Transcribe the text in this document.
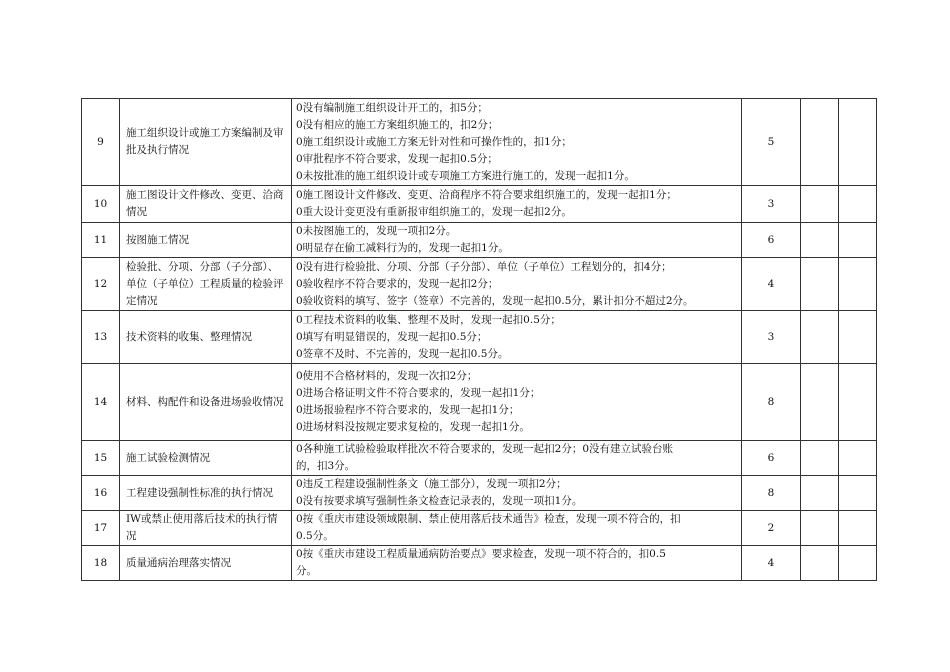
9	施工组织设计或施工方案编制及审批及执行情况	0没有编制施工组织设计开工的，扣5分；
0没有相应的施工方案组织施工的，扣2分；
0施工组织设计或施工方案无针对性和可操作性的，扣1分；
0审批程序不符合要求，发现一起扣0.5分；
0未按批准的施工组织设计或专项施工方案进行施工的，发现一起扣1分。	5		
10	施工图设计文件修改、变更、洽商情况	0施工图设计文件修改、变更、洽商程序不符合要求组织施工的，发现一起扣1分；
0重大设计变更没有重新报审组织施工的，发现一起扣2分。	3		
11	按图施工情况	0未按图施工的，发现一项扣2分。
0明显存在偷工减料行为的，发现一起扣1分。	6		
12	检验批、分项、分部（子分部）、单位（子单位）工程质量的检验评定情况	0没有进行检验批、分项、分部（子分部）、单位（子单位）工程划分的，扣4分；
0验收程序不符合要求的，发现一起扣2分；
0验收资料的填写、签字（签章）不完善的，发现一起扣0.5分，累计扣分不超过2分。	4		
13	技术资料的收集、整理情况	0工程技术资料的收集、整理不及时，发现一起扣0.5分；
0填写有明显错误的，发现一起扣0.5分；
0签章不及时、不完善的，发现一起扣0.5分。	3		
14	材料、构配件和设备进场验收情况	0使用不合格材料的，发现一次扣2分；
0进场合格证明文件不符合要求的，发现一起扣1分；
0进场报验程序不符合要求的，发现一起扣1分；
0进场材料没按规定要求复检的，发现一起扣1分。	8		
15	施工试验检测情况	0各种施工试验检验取样批次不符合要求的，发现一起扣2分；0没有建立试验台账
的，扣3分。	6		
16	工程建设强制性标准的执行情况	0违反工程建设强制性条文（施工部分），发现一项扣2分；
0没有按要求填写强制性条文检查记录表的，发现一项扣1分。	8		
17	IW或禁止使用落后技术的执行情况	0按《重庆市建设领域限制、禁止使用落后技术通告》检查，发现一项不符合的，扣
0.5分。	2		
18	质量通病治理落实情况	0按《重庆市建设工程质量通病防治要点》要求检查，发现一项不符合的，扣0.5
分。	4		
